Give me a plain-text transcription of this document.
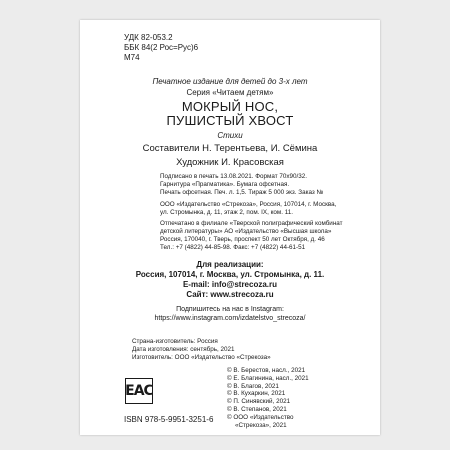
УДК 82-053.2
ББК 84(2 Рос=Рус)6
М74
Печатное издание для детей до 3-х лет
Серия «Читаем детям»
МОКРЫЙ НОС,
ПУШИСТЫЙ ХВОСТ
Стихи
Составители Н. Терентьева, И. Сёмина
Художник И. Красовская
Подписано в печать 13.08.2021. Формат 70x90/32.
Гарнитура «Прагматика». Бумага офсетная.
Печать офсетная. Печ. л. 1,5. Тираж 5 000 экз. Заказ №
ООО «Издательство «Стрекоза», Россия, 107014, г. Москва,
ул. Стромынка, д. 11, этаж 2, пом. IX, ком. 11.
Отпечатано в филиале «Тверской полиграфический комбинат
детской литературы» АО «Издательство «Высшая школа»
Россия, 170040, г. Тверь, проспект 50 лет Октября, д. 46
Тел.: +7 (4822) 44-85-98. Факс: +7 (4822) 44-61-51
Для реализации:
Россия, 107014, г. Москва, ул. Стромынка, д. 11.
E-mail: info@strecoza.ru
Сайт: www.strecoza.ru
Подпишитесь на нас в Instagram:
https://www.instagram.com/izdatelstvo_strecoza/
Страна-изготовитель: Россия
Дата изготовления: сентябрь, 2021
Изготовитель: ООО «Издательство «Стрекоза»
EAC
© В. Берестов, насл., 2021
© Е. Благинина, насл., 2021
© В. Благов, 2021
© В. Кухаркин, 2021
© П. Синявский, 2021
© В. Степанов, 2021
© ООО «Издательство
«Стрекоза», 2021
ISBN 978-5-9951-3251-6
